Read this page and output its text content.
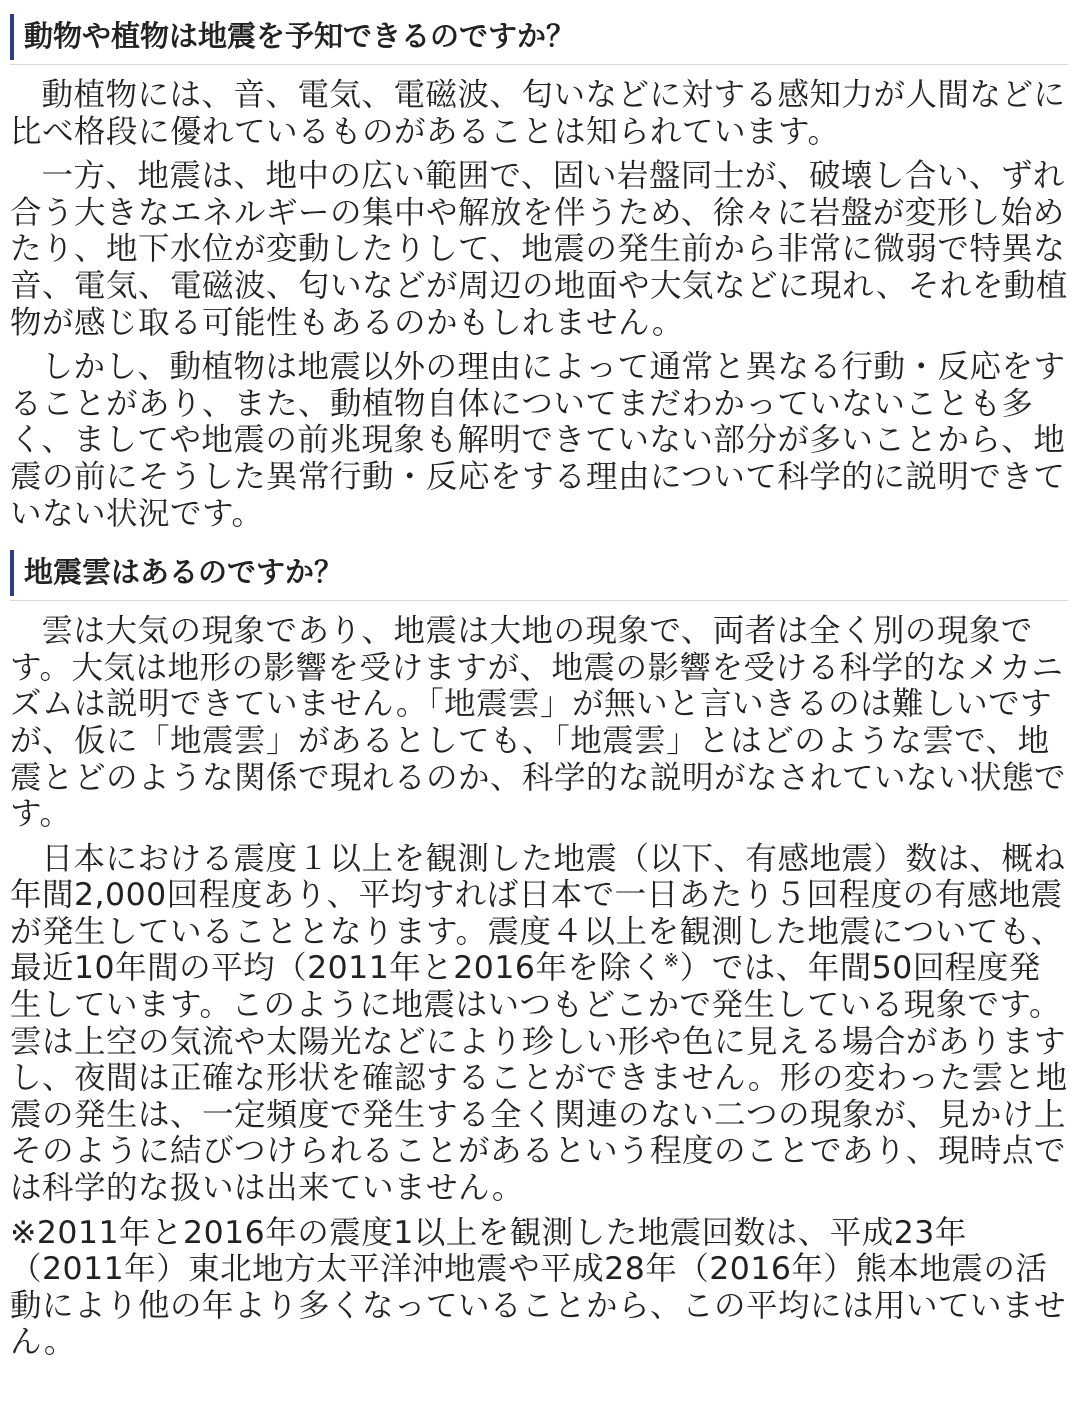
動物や植物は地震を予知できるのですか？

動植物には、音、電気、電磁波、匂いなどに対する感知力が人間などに比べ格段に優れているものがあることは知られています。

一方、地震は、地中の広い範囲で、固い岩盤同士が、破壊し合い、ずれ合う大きなエネルギーの集中や解放を伴うため、徐々に岩盤が変形し始めたり、地下水位が変動したりして、地震の発生前から非常に微弱で特異な音、電気、電磁波、匂いなどが周辺の地面や大気などに現れ、それを動植物が感じ取る可能性もあるのかもしれません。

しかし、動植物は地震以外の理由によって通常と異なる行動・反応をすることがあり、また、動植物自体についてまだわかっていないことも多く、ましてや地震の前兆現象も解明できていない部分が多いことから、地震の前にそうした異常行動・反応をする理由について科学的に説明できていない状況です。

地震雲はあるのですか？

雲は大気の現象であり、地震は大地の現象で、両者は全く別の現象です。大気は地形の影響を受けますが、地震の影響を受ける科学的なメカニズムは説明できていません。「地震雲」が無いと言いきるのは難しいですが、仮に「地震雲」があるとしても、「地震雲」とはどのような雲で、地震とどのような関係で現れるのか、科学的な説明がなされていない状態です。

日本における震度１以上を観測した地震（以下、有感地震）数は、概ね年間2,000回程度あり、平均すれば日本で一日あたり５回程度の有感地震が発生していることとなります。震度４以上を観測した地震についても、最近10年間の平均（2011年と2016年を除く※）では、年間50回程度発生しています。このように地震はいつもどこかで発生している現象です。雲は上空の気流や太陽光などにより珍しい形や色に見える場合がありますし、夜間は正確な形状を確認することができません。形の変わった雲と地震の発生は、一定頻度で発生する全く関連のない二つの現象が、見かけ上そのように結びつけられることがあるという程度のことであり、現時点では科学的な扱いは出来ていません。

※2011年と2016年の震度1以上を観測した地震回数は、平成23年（2011年）東北地方太平洋沖地震や平成28年（2016年）熊本地震の活動により他の年より多くなっていることから、この平均には用いていません。
